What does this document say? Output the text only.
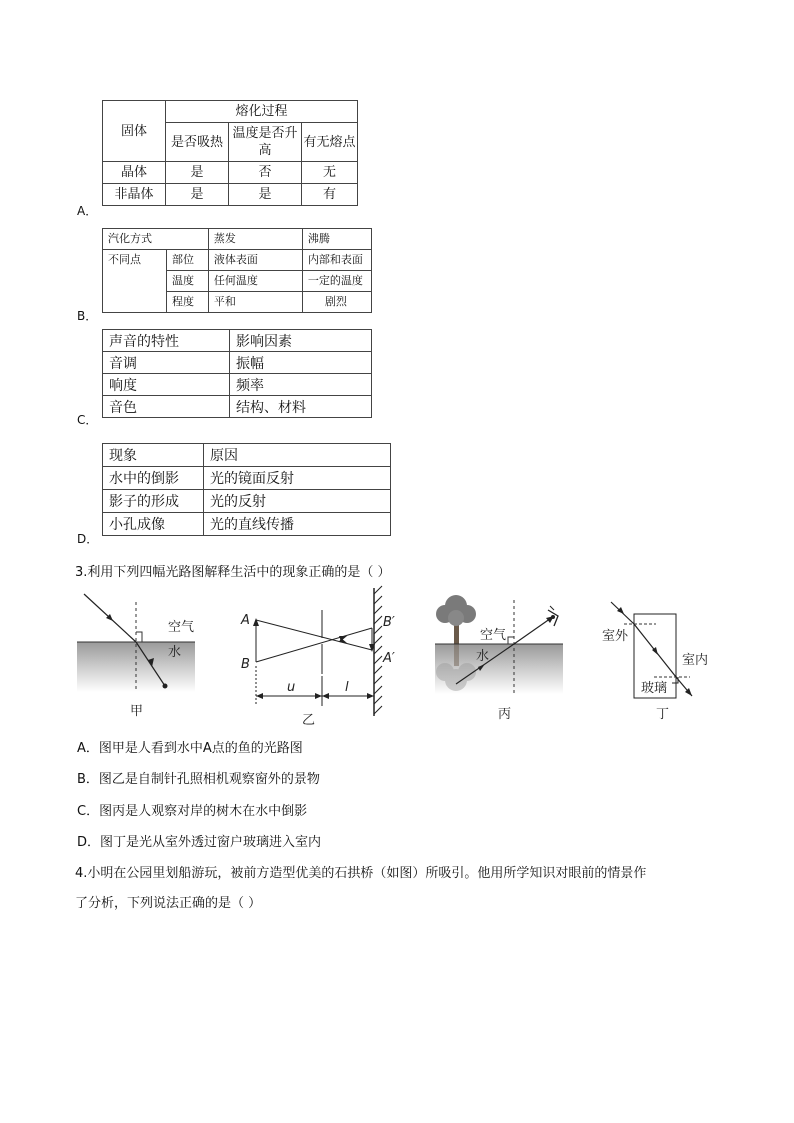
固体	熔化过程		
	是否吸热	温度是否升高	有无熔点
晶体	是	否	无
非晶体	是	是	有
A．
汽化方式		蒸发	沸腾
不同点	部位	液体表面	内部和表面
	温度	任何温度	一定的温度
	程度	平和	剧烈
B．
声音的特性	影响因素
音调	振幅
响度	频率
音色	结构、材料
C．
现象	原因
水中的倒影	光的镜面反射
影子的形成	光的反射
小孔成像	光的直线传播
D．
3.利用下列四幅光路图解释生活中的现象正确的是（ ）
空气
水
甲
A
B
B′
A′
u	l
乙
空气
水
丙
室外
室内
玻璃
丁
A．图甲是人看到水中A点的鱼的光路图
B．图乙是自制针孔照相机观察窗外的景物
C．图丙是人观察对岸的树木在水中倒影
D．图丁是光从室外透过窗户玻璃进入室内
4.小明在公园里划船游玩，被前方造型优美的石拱桥（如图）所吸引。他用所学知识对眼前的情景作
了分析，下列说法正确的是（ ）
